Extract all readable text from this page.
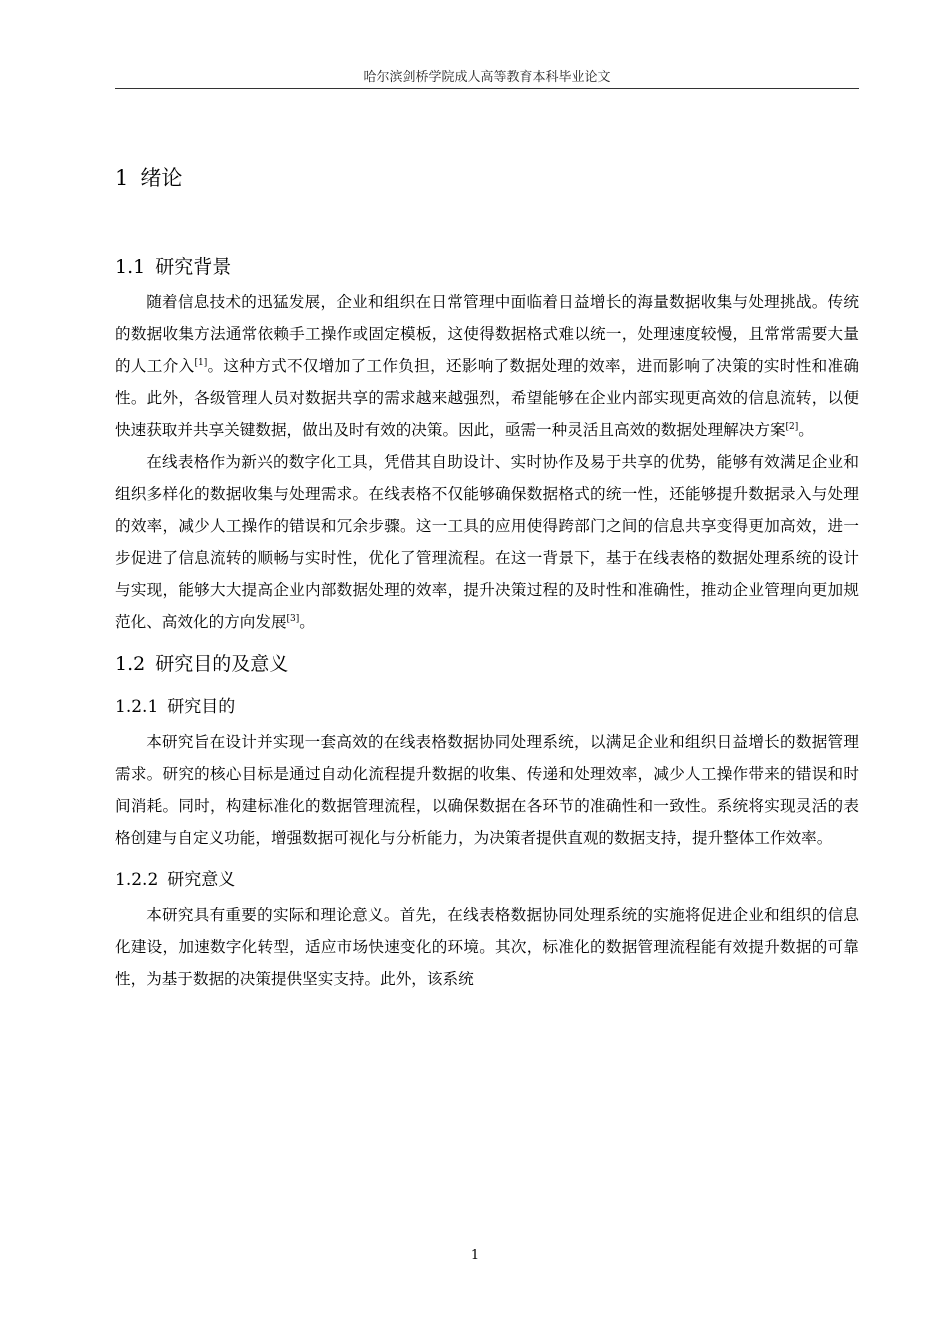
哈尔滨剑桥学院成人高等教育本科毕业论文
1 绪论
1.1 研究背景

随着信息技术的迅猛发展，企业和组织在日常管理中面临着日益增长的海量数据收集与处理挑战。传统的数据收集方法通常依赖手工操作或固定模板，这使得数据格式难以统一，处理速度较慢，且常常需要大量的人工介入[1]。这种方式不仅增加了工作负担，还影响了数据处理的效率，进而影响了决策的实时性和准确性。此外，各级管理人员对数据共享的需求越来越强烈，希望能够在企业内部实现更高效的信息流转，以便快速获取并共享关键数据，做出及时有效的决策。因此，亟需一种灵活且高效的数据处理解决方案[2]。

在线表格作为新兴的数字化工具，凭借其自助设计、实时协作及易于共享的优势，能够有效满足企业和组织多样化的数据收集与处理需求。在线表格不仅能够确保数据格式的统一性，还能够提升数据录入与处理的效率，减少人工操作的错误和冗余步骤。这一工具的应用使得跨部门之间的信息共享变得更加高效，进一步促进了信息流转的顺畅与实时性，优化了管理流程。在这一背景下，基于在线表格的数据处理系统的设计与实现，能够大大提高企业内部数据处理的效率，提升决策过程的及时性和准确性，推动企业管理向更加规范化、高效化的方向发展[3]。

1.2 研究目的及意义
1.2.1 研究目的

本研究旨在设计并实现一套高效的在线表格数据协同处理系统，以满足企业和组织日益增长的数据管理需求。研究的核心目标是通过自动化流程提升数据的收集、传递和处理效率，减少人工操作带来的错误和时间消耗。同时，构建标准化的数据管理流程，以确保数据在各环节的准确性和一致性。系统将实现灵活的表格创建与自定义功能，增强数据可视化与分析能力，为决策者提供直观的数据支持，提升整体工作效率。

1.2.2 研究意义

本研究具有重要的实际和理论意义。首先，在线表格数据协同处理系统的实施将促进企业和组织的信息化建设，加速数字化转型，适应市场快速变化的环境。其次，标准化的数据管理流程能有效提升数据的可靠性，为基于数据的决策提供坚实支持。此外，该系统

1
